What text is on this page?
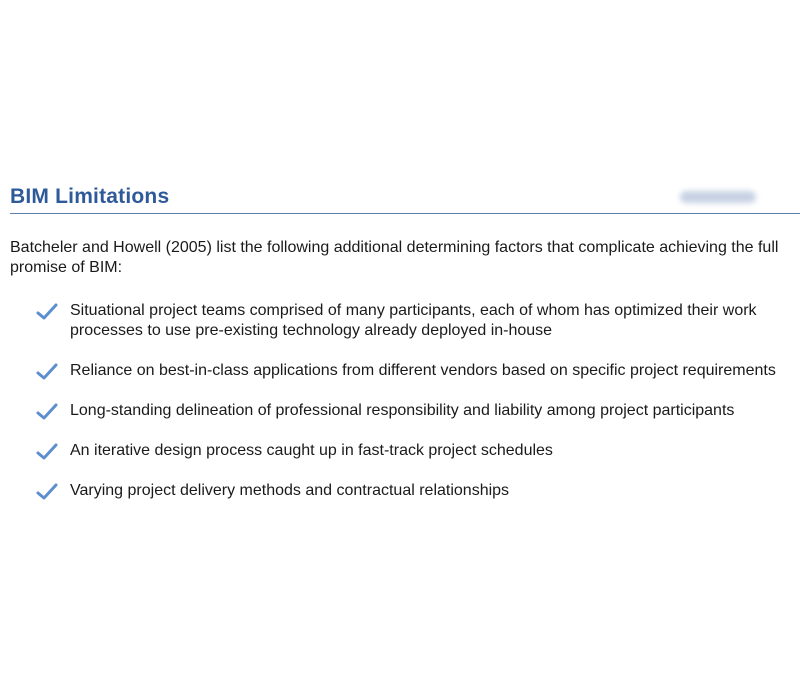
BIM Limitations

Batcheler and Howell (2005) list the following additional determining factors that complicate achieving the full promise of BIM:

Situational project teams comprised of many participants, each of whom has optimized their work processes to use pre-existing technology already deployed in-house
Reliance on best-in-class applications from different vendors based on specific project requirements
Long-standing delineation of professional responsibility and liability among project participants
An iterative design process caught up in fast-track project schedules
Varying project delivery methods and contractual relationships
